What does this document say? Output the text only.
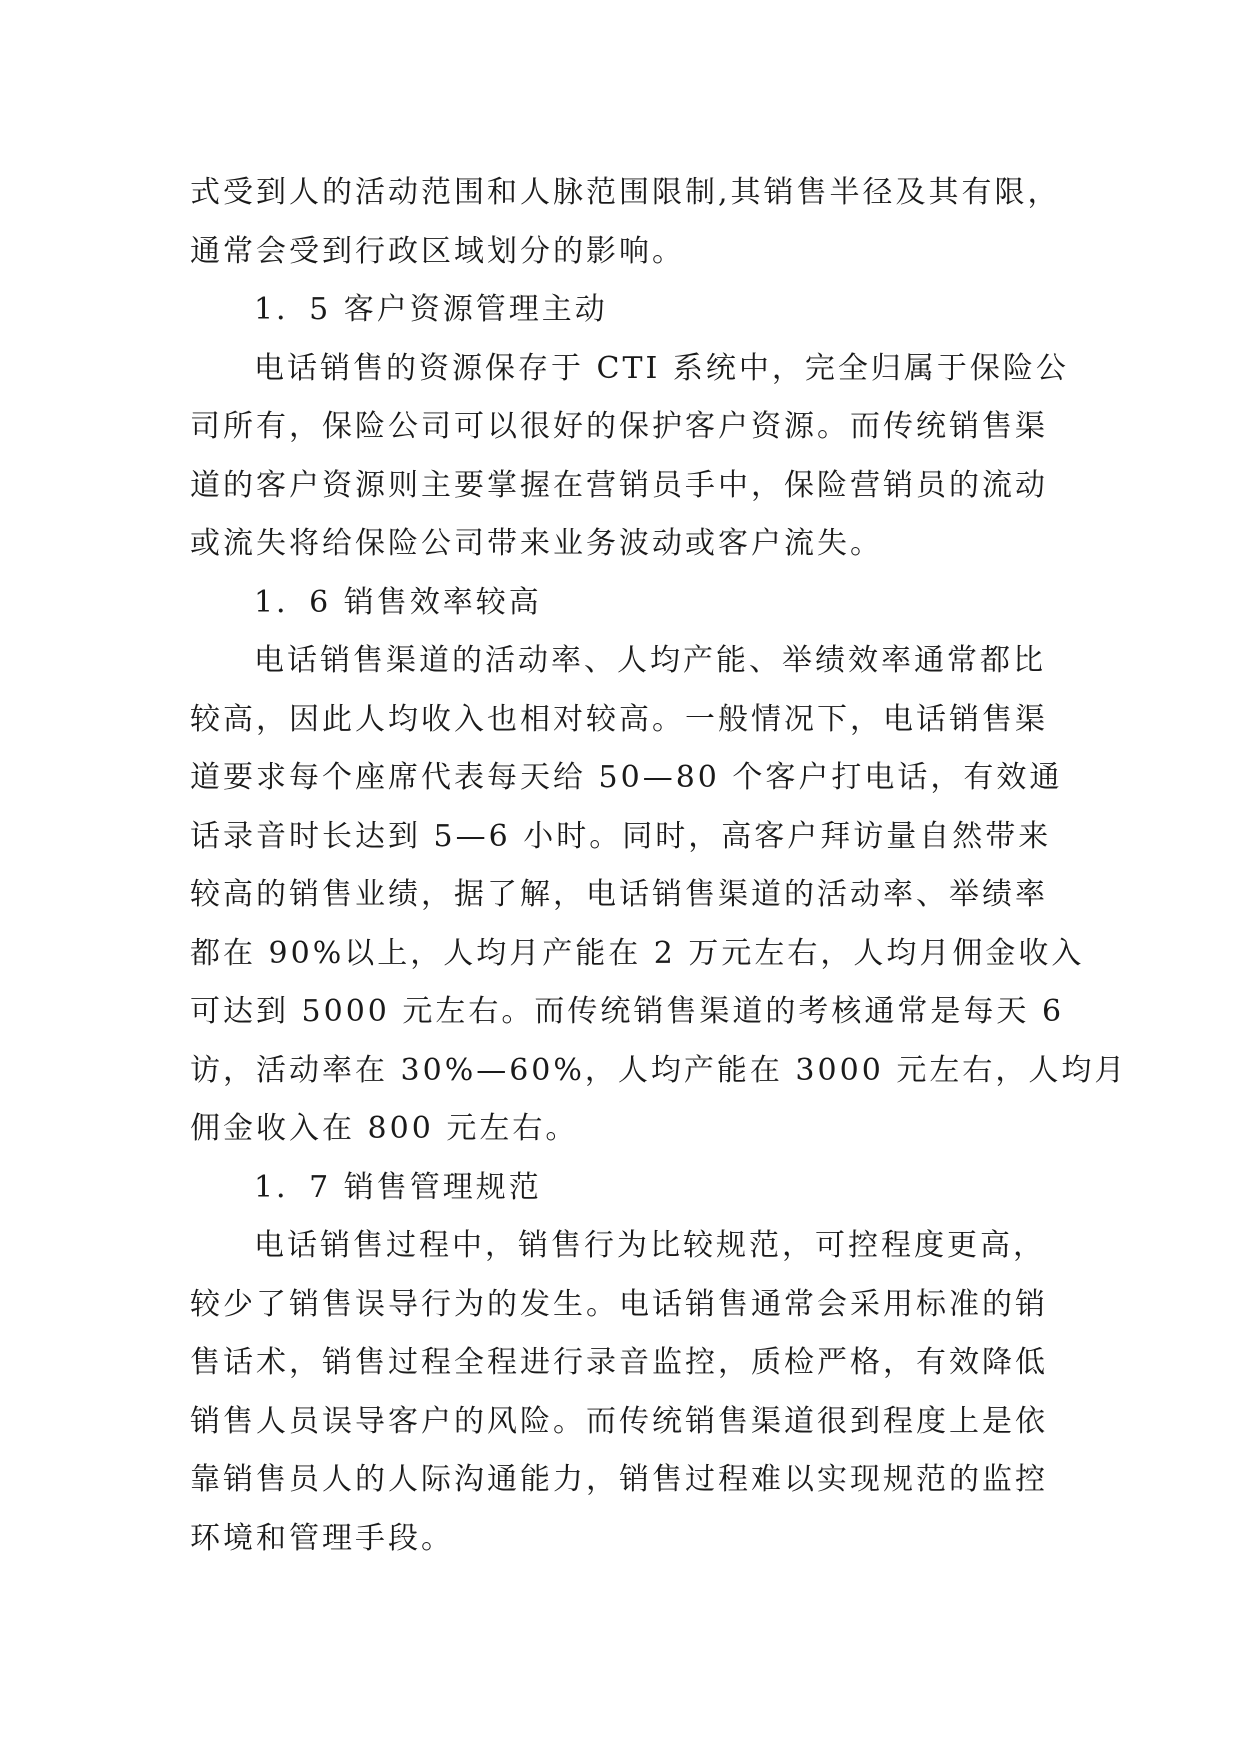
式受到人的活动范围和人脉范围限制,其销售半径及其有限，
通常会受到行政区域划分的影响。
1．5 客户资源管理主动
电话销售的资源保存于 CTI 系统中，完全归属于保险公
司所有，保险公司可以很好的保护客户资源。而传统销售渠
道的客户资源则主要掌握在营销员手中，保险营销员的流动
或流失将给保险公司带来业务波动或客户流失。
1．6 销售效率较高
电话销售渠道的活动率、人均产能、举绩效率通常都比
较高，因此人均收入也相对较高。一般情况下，电话销售渠
道要求每个座席代表每天给 50—80 个客户打电话，有效通
话录音时长达到 5—6 小时。同时，高客户拜访量自然带来
较高的销售业绩，据了解，电话销售渠道的活动率、举绩率
都在 90%以上，人均月产能在 2 万元左右，人均月佣金收入
可达到 5000 元左右。而传统销售渠道的考核通常是每天 6
访，活动率在 30%—60%，人均产能在 3000 元左右，人均月
佣金收入在 800 元左右。
1．7 销售管理规范
电话销售过程中，销售行为比较规范，可控程度更高，
较少了销售误导行为的发生。电话销售通常会采用标准的销
售话术，销售过程全程进行录音监控，质检严格，有效降低
销售人员误导客户的风险。而传统销售渠道很到程度上是依
靠销售员人的人际沟通能力，销售过程难以实现规范的监控
环境和管理手段。
